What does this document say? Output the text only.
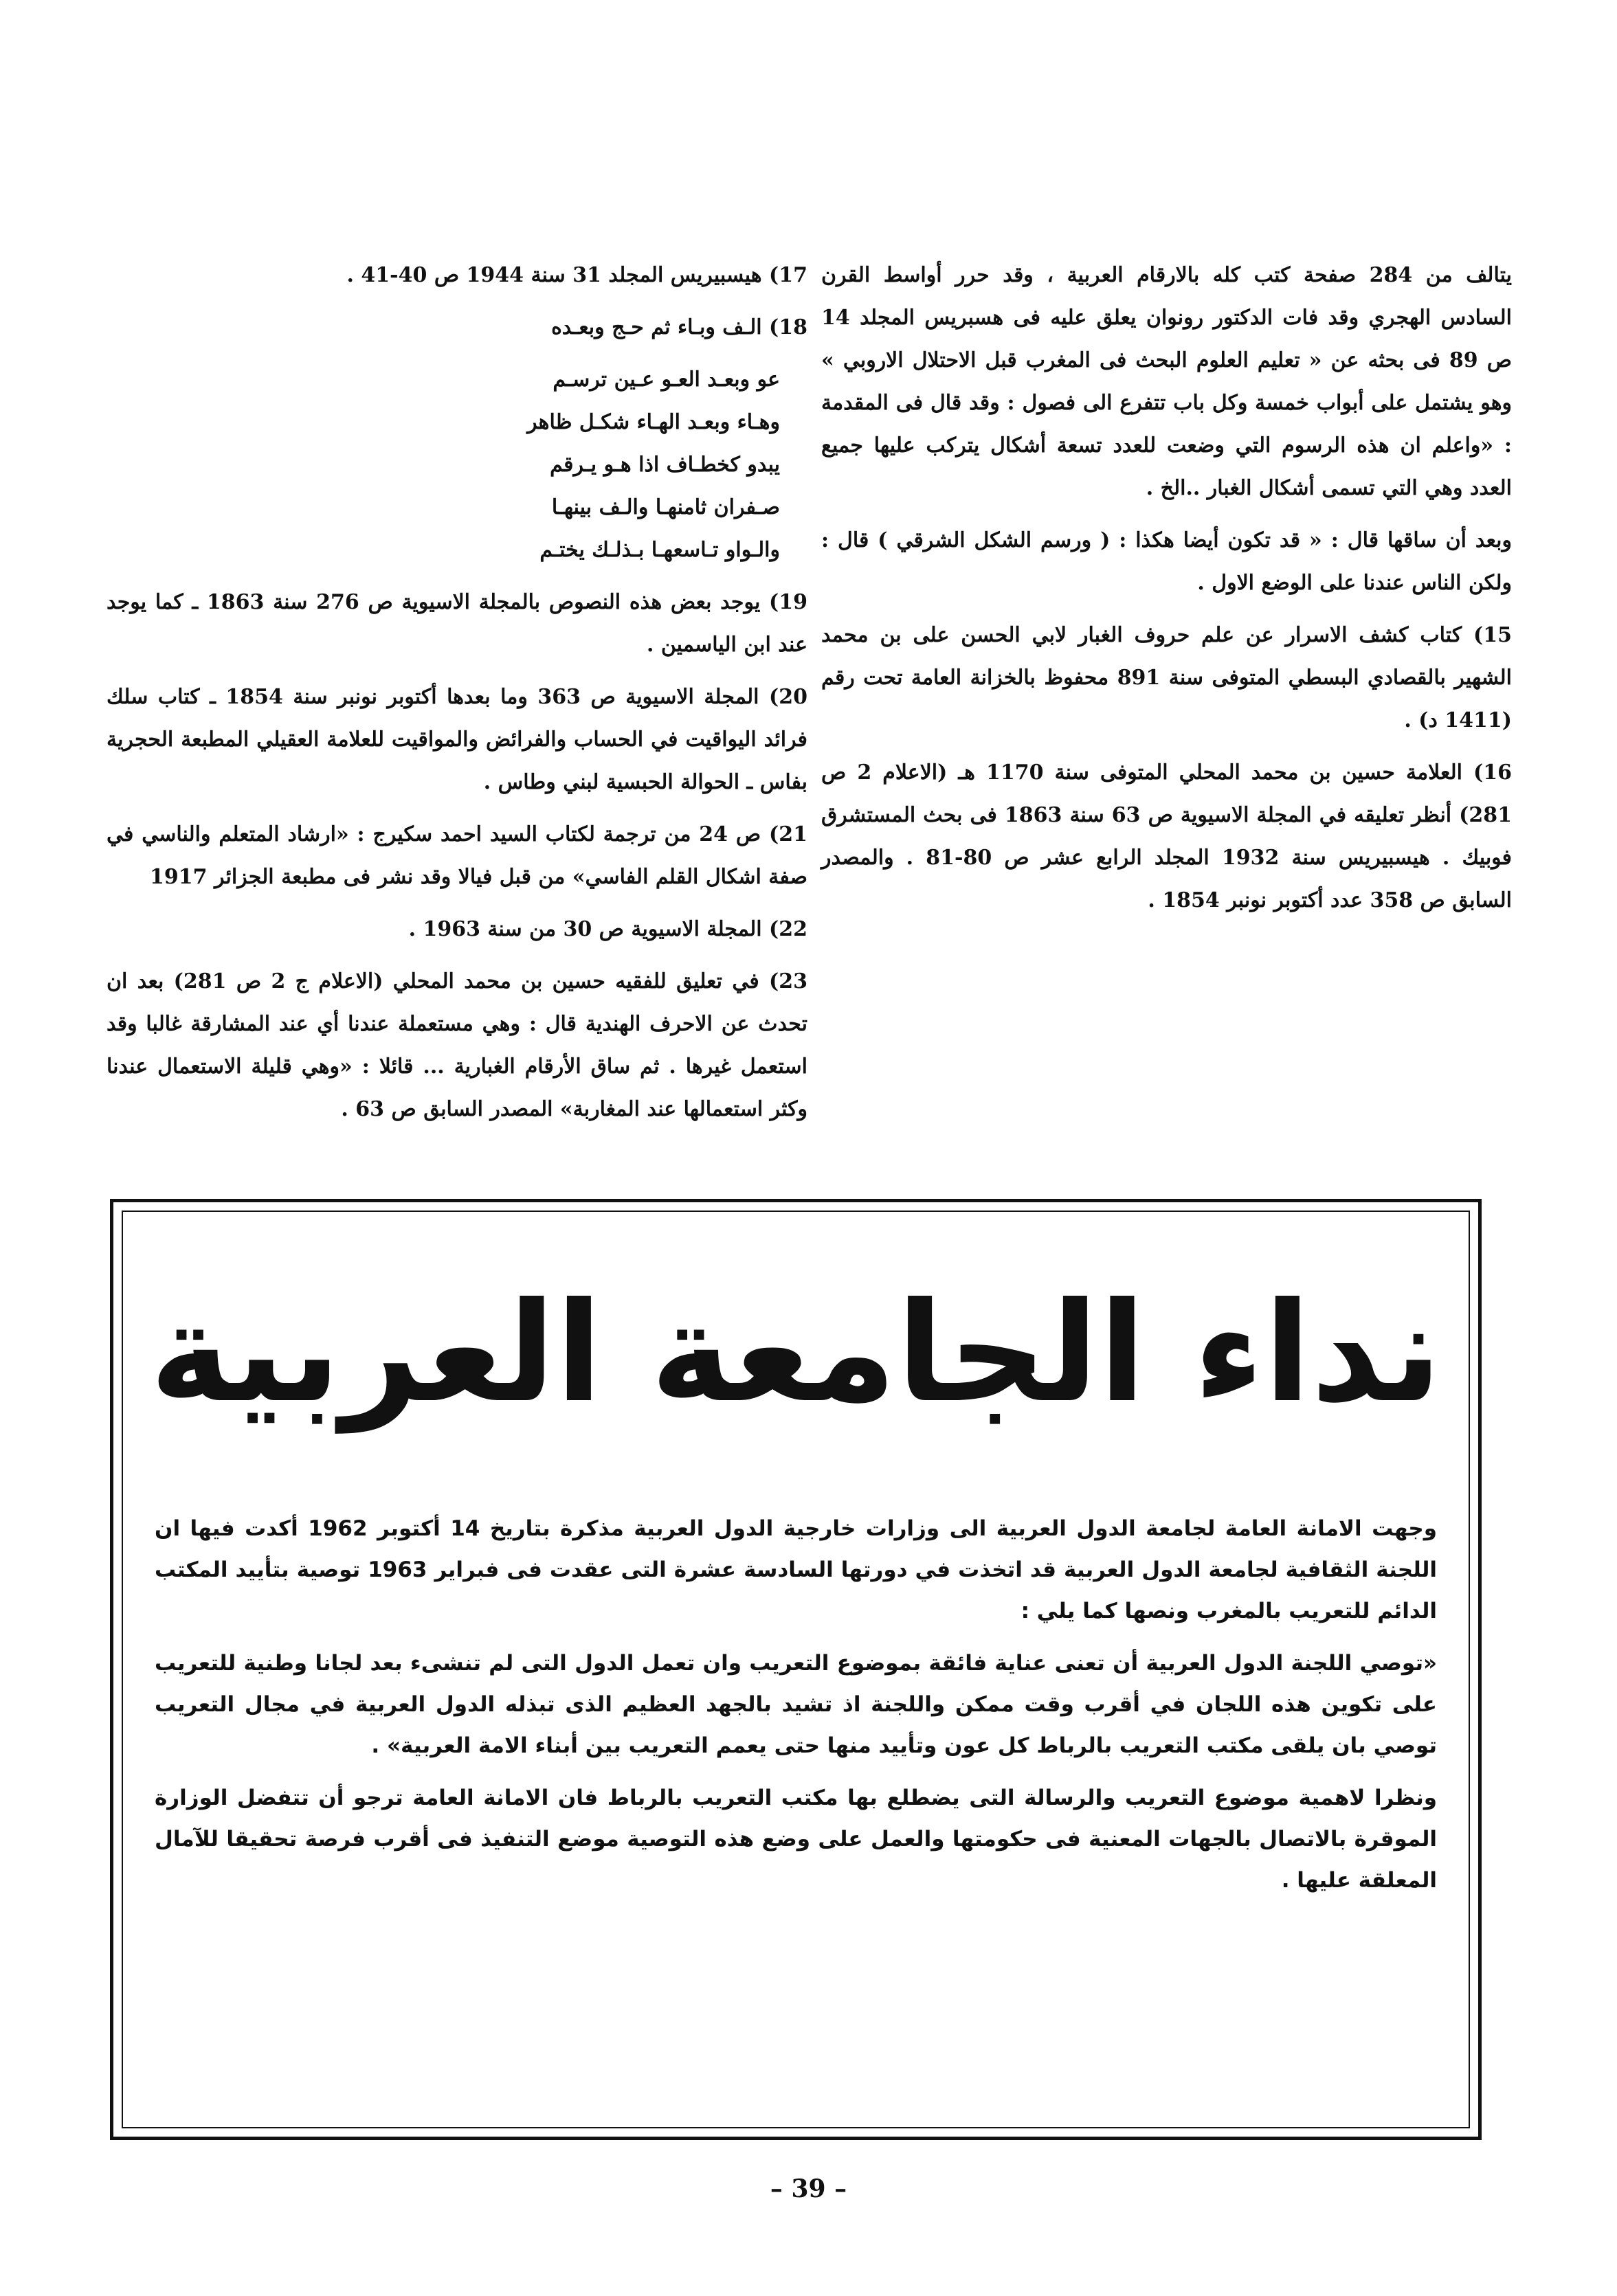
يتالف من 284 صفحة كتب كله بالارقام العربية ، وقد حرر أواسط القرن السادس الهجري وقد فات الدكتور رونوان يعلق عليه فى هسبريس المجلد 14 ص 89 فى بحثه عن « تعليم العلوم البحث فى المغرب قبل الاحتلال الاروبي » وهو يشتمل على أبواب خمسة وكل باب تتفرع الى فصول : وقد قال فى المقدمة : «واعلم ان هذه الرسوم التي وضعت للعدد تسعة أشكال يتركب عليها جميع العدد وهي التي تسمى أشكال الغبار ..الخ .

وبعد أن ساقها قال : « قد تكون أيضا هكذا : ( ورسم الشكل الشرقي ) قال : ولكن الناس عندنا على الوضع الاول .

15) كتاب كشف الاسرار عن علم حروف الغبار لابي الحسن على بن محمد الشهير بالقصادي البسطي المتوفى سنة 891 محفوظ بالخزانة العامة تحت رقم (1411 د) .

16) العلامة حسين بن محمد المحلي المتوفى سنة 1170 هـ (الاعلام 2 ص 281) أنظر تعليقه في المجلة الاسيوية ص 63 سنة 1863 فى بحث المستشرق فوبيك . هيسبيريس سنة 1932 المجلد الرابع عشر ص 80-81 . والمصدر السابق ص 358 عدد أكتوبر نونبر 1854 .

17) هيسبيريس المجلد 31 سنة 1944 ص 40-41 .

18) الـف وبـاء ثم حـج وبعـده

عو وبعـد العـو عـين ترسـم
وهـاء وبعـد الهـاء شكـل ظاهر
يبدو كخطـاف اذا هـو يـرقم
صـفران ثامنهـا والـف بينهـا
والـواو تـاسعهـا بـذلـك يختـم

19) يوجد بعض هذه النصوص بالمجلة الاسيوية ص 276 سنة 1863 ـ كما يوجد عند ابن الياسمين .

20) المجلة الاسيوية ص 363 وما بعدها أكتوبر نونبر سنة 1854 ـ كتاب سلك فرائد اليواقيت في الحساب والفرائض والمواقيت للعلامة العقيلي المطبعة الحجرية بفاس ـ الحوالة الحبسية لبني وطاس .

21) ص 24 من ترجمة لكتاب السيد احمد سكيرج : «ارشاد المتعلم والناسي في صفة اشكال القلم الفاسي» من قبل فيالا وقد نشر فى مطبعة الجزائر 1917

22) المجلة الاسيوية ص 30 من سنة 1963 .

23) في تعليق للفقيه حسين بن محمد المحلي (الاعلام ج 2 ص 281) بعد ان تحدث عن الاحرف الهندية قال : وهي مستعملة عندنا أي عند المشارقة غالبا وقد استعمل غيرها . ثم ساق الأرقام الغبارية ... قائلا : «وهي قليلة الاستعمال عندنا وكثر استعمالها عند المغاربة» المصدر السابق ص 63 .

نداء الجامعة العربية

وجهت الامانة العامة لجامعة الدول العربية الى وزارات خارجية الدول العربية مذكرة بتاريخ 14 أكتوبر 1962 أكدت فيها ان اللجنة الثقافية لجامعة الدول العربية قد اتخذت في دورتها السادسة عشرة التى عقدت فى فبراير 1963 توصية بتأييد المكتب الدائم للتعريب بالمغرب ونصها كما يلي :

«توصي اللجنة الدول العربية أن تعنى عناية فائقة بموضوع التعريب وان تعمل الدول التى لم تنشىء بعد لجانا وطنية للتعريب على تكوين هذه اللجان في أقرب وقت ممكن واللجنة اذ تشيد بالجهد العظيم الذى تبذله الدول العربية في مجال التعريب توصي بان يلقى مكتب التعريب بالرباط كل عون وتأييد منها حتى يعمم التعريب بين أبناء الامة العربية» .

ونظرا لاهمية موضوع التعريب والرسالة التى يضطلع بها مكتب التعريب بالرباط فان الامانة العامة ترجو أن تتفضل الوزارة الموقرة بالاتصال بالجهات المعنية فى حكومتها والعمل على وضع هذه التوصية موضع التنفيذ فى أقرب فرصة تحقيقا للآمال المعلقة عليها .

– 39 –
